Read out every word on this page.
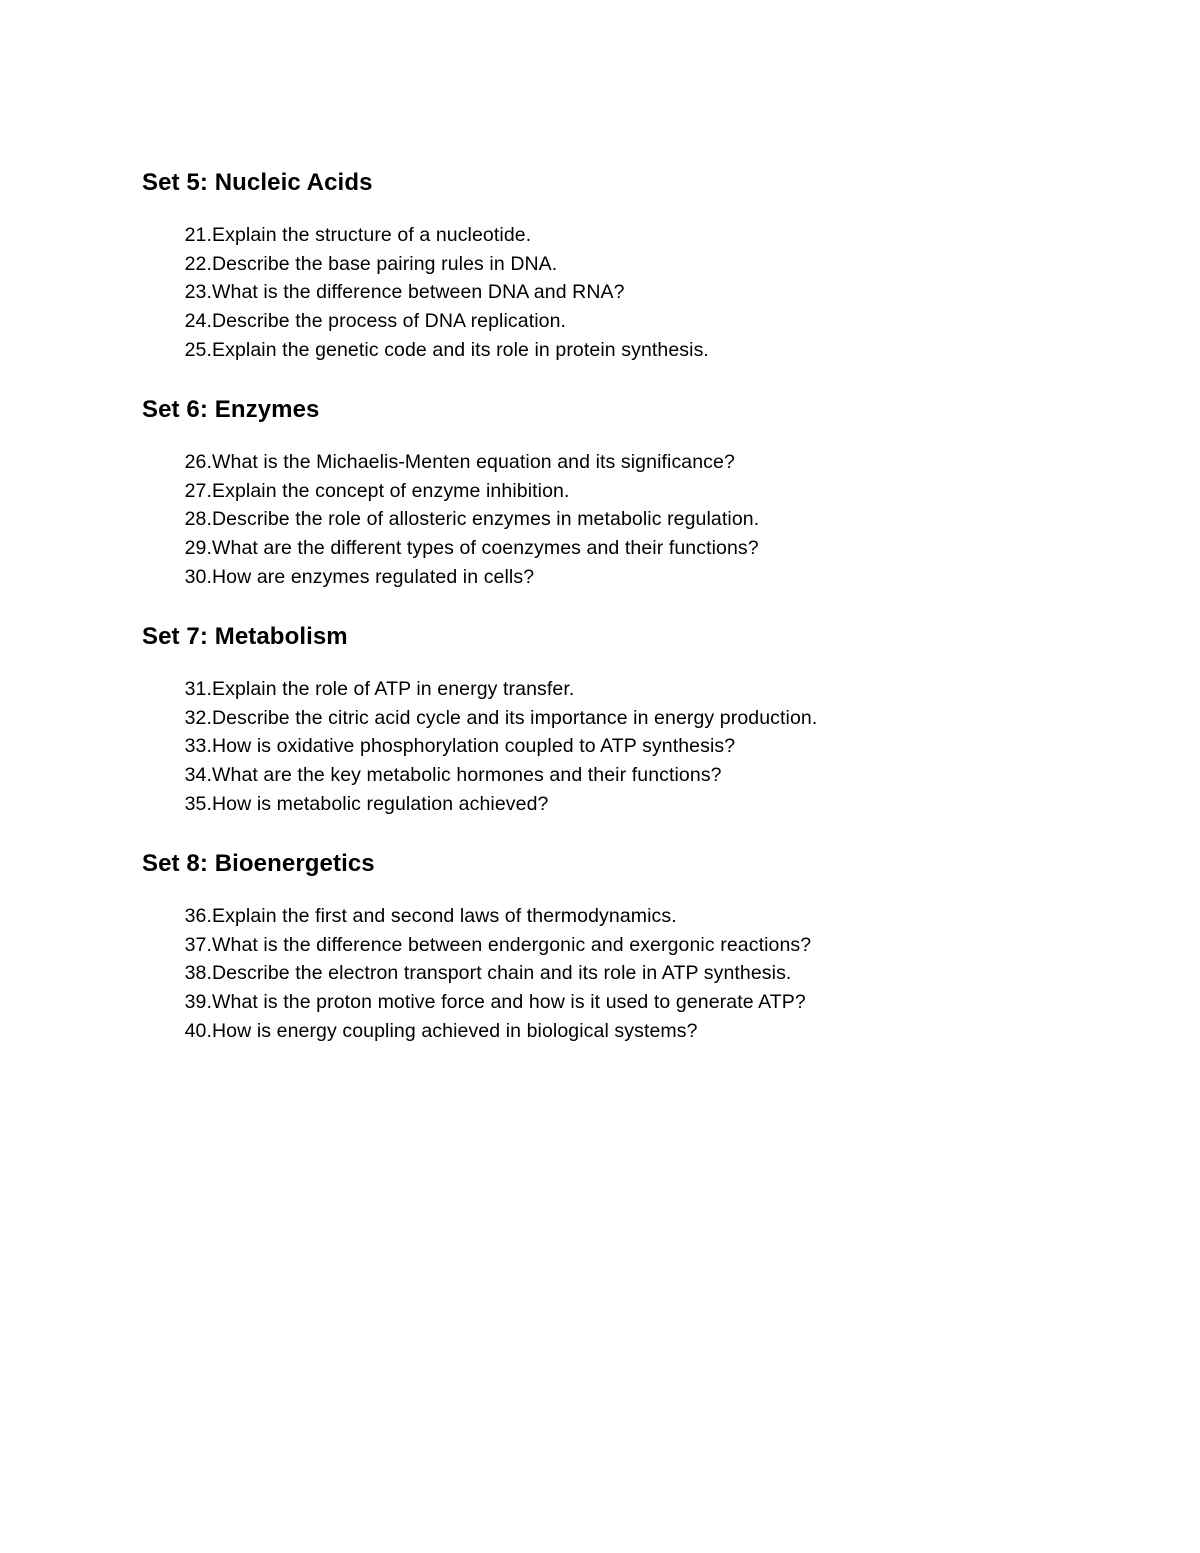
Set 5: Nucleic Acids
21. Explain the structure of a nucleotide.
22. Describe the base pairing rules in DNA.
23. What is the difference between DNA and RNA?
24. Describe the process of DNA replication.
25. Explain the genetic code and its role in protein synthesis.
Set 6: Enzymes
26. What is the Michaelis-Menten equation and its significance?
27. Explain the concept of enzyme inhibition.
28. Describe the role of allosteric enzymes in metabolic regulation.
29. What are the different types of coenzymes and their functions?
30. How are enzymes regulated in cells?
Set 7: Metabolism
31. Explain the role of ATP in energy transfer.
32. Describe the citric acid cycle and its importance in energy production.
33. How is oxidative phosphorylation coupled to ATP synthesis?
34. What are the key metabolic hormones and their functions?
35. How is metabolic regulation achieved?
Set 8: Bioenergetics
36. Explain the first and second laws of thermodynamics.
37. What is the difference between endergonic and exergonic reactions?
38. Describe the electron transport chain and its role in ATP synthesis.
39. What is the proton motive force and how is it used to generate ATP?
40. How is energy coupling achieved in biological systems?
